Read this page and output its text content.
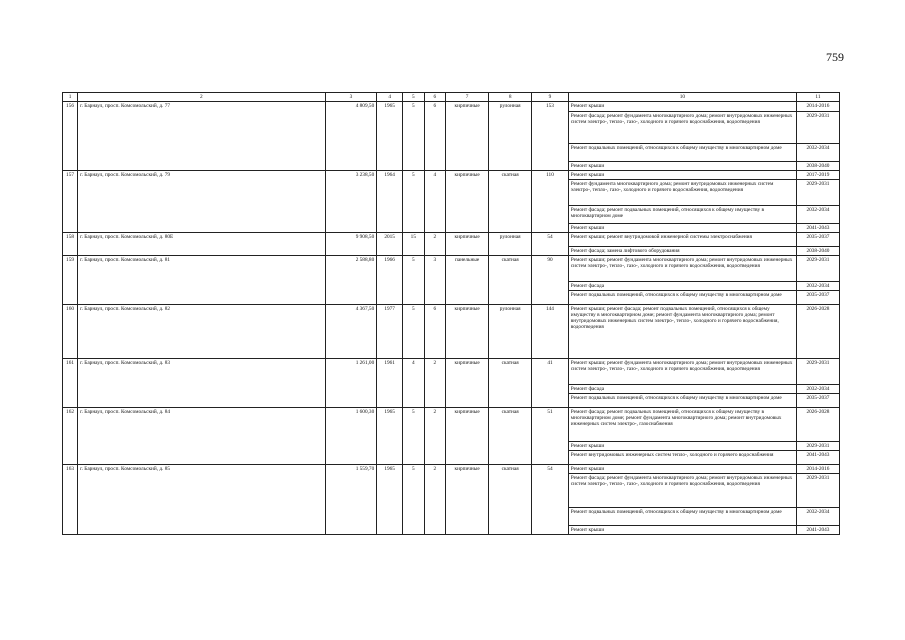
759
1	2	3	4	5	6	7	8	9	10	11
156	г. Барнаул, просп. Комсомольский, д. 77	4 809,50	1965	5	6	кирпичные	рулонная	153	Ремонт крыши	2014-2016
									Ремонт фасада; ремонт фундамента многоквартирного дома; ремонт внутридомовых инженерных систем электро-, тепло-, газо-, холодного и горячего водоснабжения, водоотведения	2029-2031
									Ремонт подвальных помещений, относящихся к общему имуществу в многоквартирном доме	2032-2034
									Ремонт крыши	2038-2040
157	г. Барнаул, просп. Комсомольский, д. 79	3 238,50	1964	5	4	кирпичные	скатная	110	Ремонт крыши	2017-2019
									Ремонт фундамента многоквартирного дома; ремонт внутридомовых инженерных систем электро-, тепло-, газо-, холодного и горячего водоснабжения, водоотведения	2029-2031
									Ремонт фасада; ремонт подвальных помещений, относящихся к общему имуществу в многоквартирном доме	2032-2034
									Ремонт крыши	2041-2043
158	г. Барнаул, просп. Комсомольский, д. 80Е	9 908,50	2015	15	2	кирпичные	рулонная	54	Ремонт крыши; ремонт внутридомовой инженерной системы электроснабжения	2035-2037
									Ремонт фасада; замена лифтового оборудования	2038-2040
159	г. Барнаул, просп. Комсомольский, д. 81	2 588,80	1966	5	3	панельные	скатная	90	Ремонт крыши; ремонт фундамента многоквартирного дома; ремонт внутридомовых инженерных систем электро-, тепло-, газо-, холодного и горячего водоснабжения, водоотведения	2029-2031
									Ремонт фасада	2032-2034
									Ремонт подвальных помещений, относящихся к общему имуществу в многоквартирном доме	2035-2037
160	г. Барнаул, просп. Комсомольский, д. 82	4 367,50	1977	5	6	кирпичные	рулонная	144	Ремонт крыши; ремонт фасада; ремонт подвальных помещений, относящихся к общему имуществу в многоквартирном доме; ремонт фундамента многоквартирного дома; ремонт внутридомовых инженерных систем электро-, тепло-, холодного и горячего водоснабжения, водоотведения	2026-2028
161	г. Барнаул, просп. Комсомольский, д. 83	1 261,00	1961	4	2	кирпичные	скатная	41	Ремонт крыши; ремонт фундамента многоквартирного дома; ремонт внутридомовых инженерных систем электро-, тепло-, газо-, холодного и горячего водоснабжения, водоотведения	2029-2031
									Ремонт фасада	2032-2034
									Ремонт подвальных помещений, относящихся к общему имуществу в многоквартирном доме	2035-2037
162	г. Барнаул, просп. Комсомольский, д. 84	1 600,30	1965	5	2	кирпичные	скатная	51	Ремонт фасада; ремонт подвальных помещений, относящихся к общему имуществу в многоквартирном доме; ремонт фундамента многоквартирного дома; ремонт внутридомовых инженерных систем электро-, газоснабжения	2026-2028
									Ремонт крыши	2029-2031
									Ремонт внутридомовых инженерных систем тепло-, холодного и горячего водоснабжения	2041-2043
163	г. Барнаул, просп. Комсомольский, д. 85	1 559,70	1965	5	2	кирпичные	скатная	54	Ремонт крыши	2014-2016
									Ремонт фасада; ремонт фундамента многоквартирного дома; ремонт внутридомовых инженерных систем электро-, тепло-, газо-, холодного и горячего водоснабжения, водоотведения	2029-2031
									Ремонт подвальных помещений, относящихся к общему имуществу в многоквартирном доме	2032-2034
									Ремонт крыши	2041-2043
